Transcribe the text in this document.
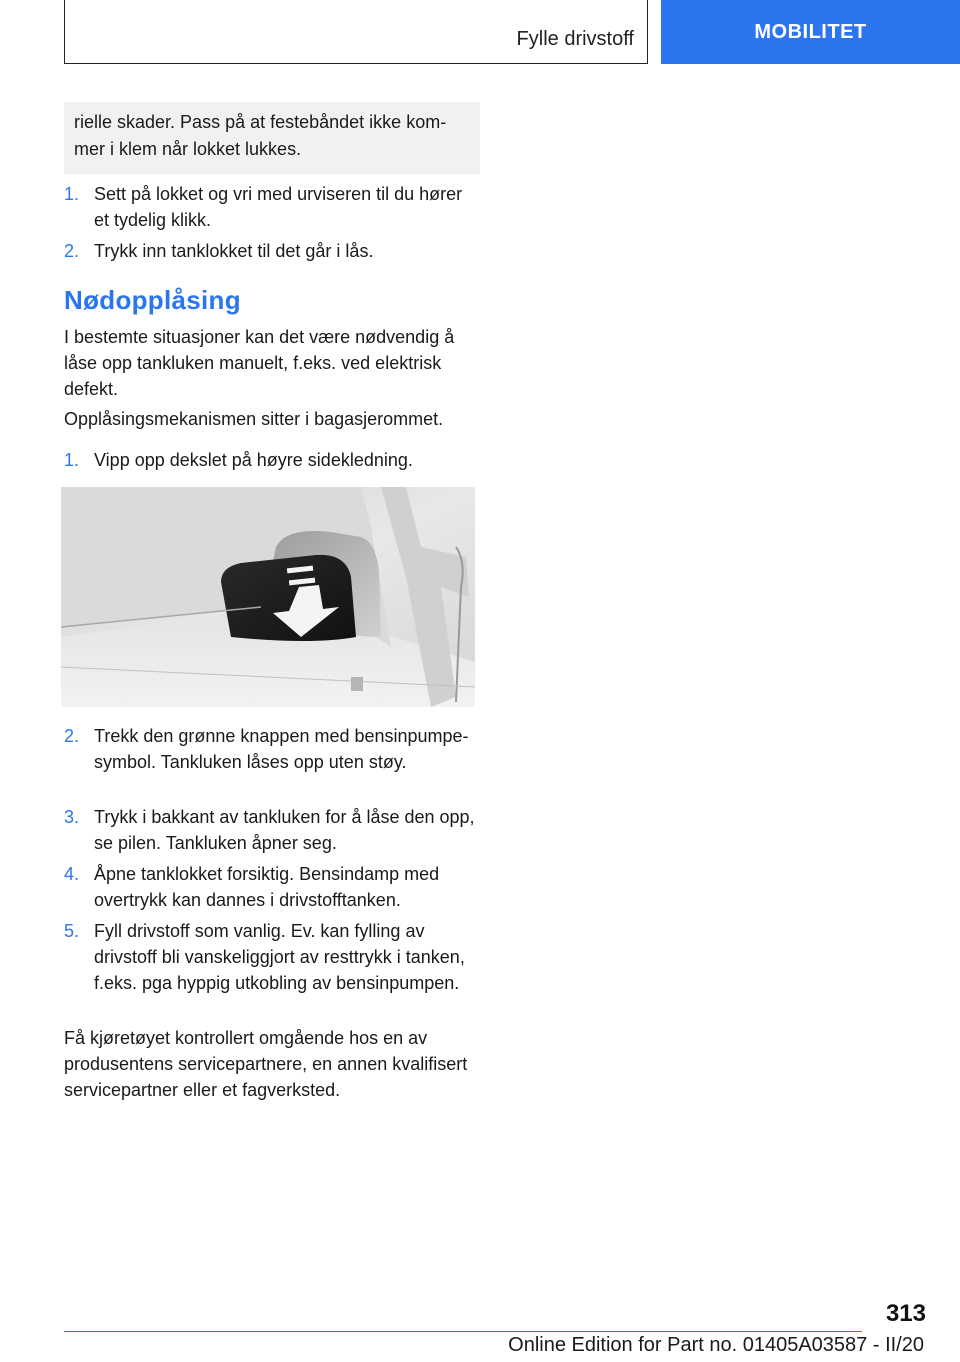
Fylle drivstoff	MOBILITET
rielle skader. Pass på at festebåndet ikke kommer i klem når lokket lukkes.
1. Sett på lokket og vri med urviseren til du hører et tydelig klikk.
2. Trykk inn tanklokket til det går i lås.
Nødopplåsing
I bestemte situasjoner kan det være nødvendig å låse opp tankluken manuelt, f.eks. ved elektrisk defekt.
Opplåsingsmekanismen sitter i bagasjerommet.
1. Vipp opp dekslet på høyre sidekledning.
2. Trekk den grønne knappen med bensinpumpe-symbol. Tankluken låses opp uten støy.
3. Trykk i bakkant av tankluken for å låse den opp, se pilen. Tankluken åpner seg.
4. Åpne tanklokket forsiktig. Bensindamp med overtrykk kan dannes i drivstofftanken.
5. Fyll drivstoff som vanlig. Ev. kan fylling av drivstoff bli vanskeliggjort av resttrykk i tanken, f.eks. pga hyppig utkobling av bensinpumpen.
Få kjøretøyet kontrollert omgående hos en av produsentens servicepartnere, en annen kvalifisert servicepartner eller et fagverksted.
313
Online Edition for Part no. 01405A03587 - II/20
